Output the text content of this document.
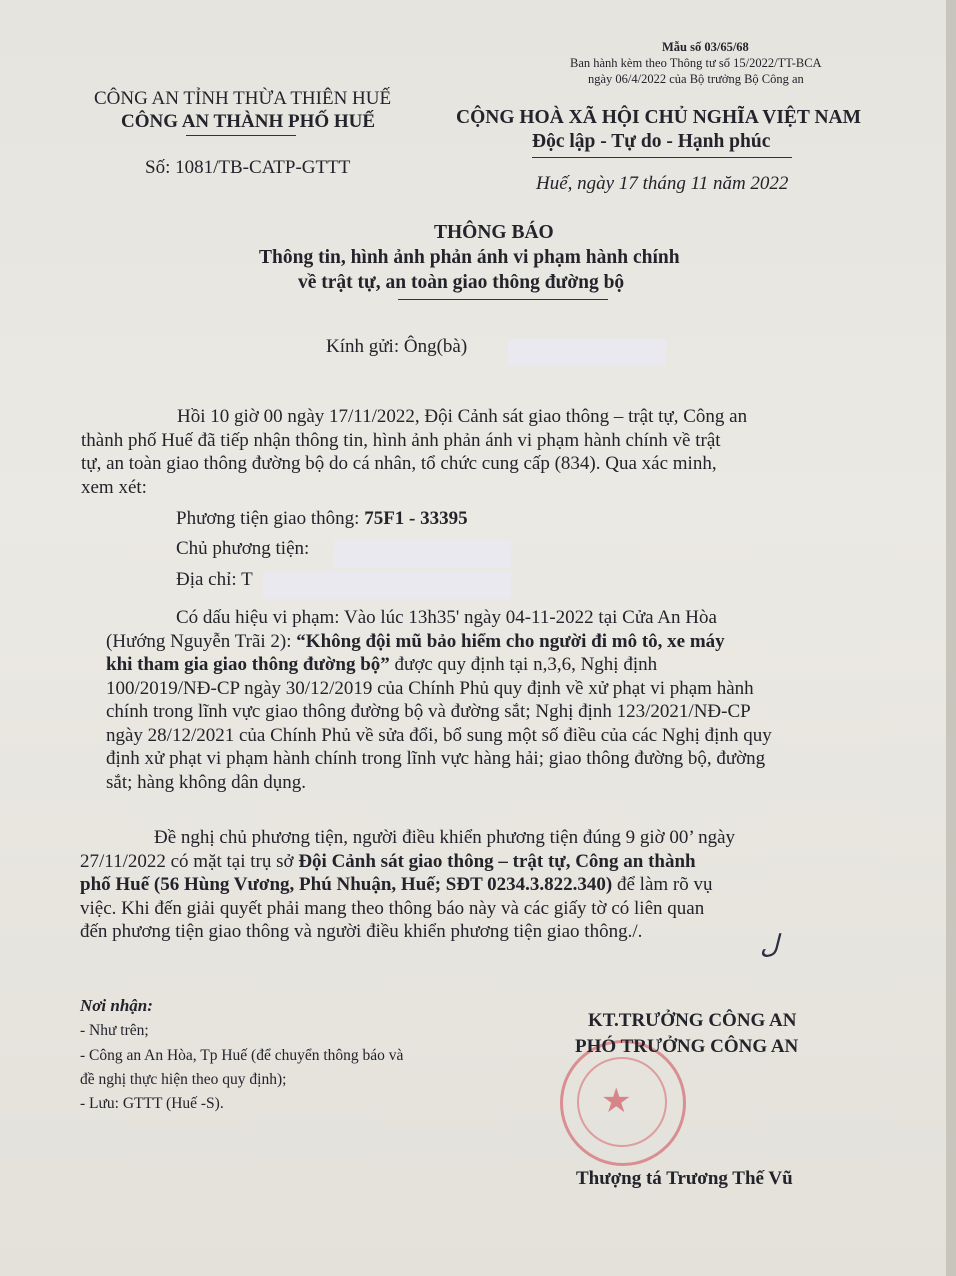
Mẫu số 03/65/68
Ban hành kèm theo Thông tư số 15/2022/TT-BCA
ngày 06/4/2022 của Bộ trưởng Bộ Công an
CÔNG AN TỈNH THỪA THIÊN HUẾ
CÔNG AN THÀNH PHỐ HUẾ
Số: 1081/TB-CATP-GTTT
CỘNG HOÀ XÃ HỘI CHỦ NGHĨA VIỆT NAM
Độc lập - Tự do - Hạnh phúc
Huế, ngày 17 tháng 11 năm 2022
THÔNG BÁO
Thông tin, hình ảnh phản ánh vi phạm hành chính
về trật tự, an toàn giao thông đường bộ
Kính gửi: Ông(bà)
Hồi 10 giờ 00 ngày 17/11/2022, Đội Cảnh sát giao thông – trật tự, Công an
thành phố Huế đã tiếp nhận thông tin, hình ảnh phản ánh vi phạm hành chính về trật
tự, an toàn giao thông đường bộ do cá nhân, tổ chức cung cấp (834). Qua xác minh,
xem xét:
Phương tiện giao thông: 75F1 - 33395
Chủ phương tiện:
Địa chỉ: T
Có dấu hiệu vi phạm: Vào lúc 13h35' ngày 04-11-2022 tại Cửa An Hòa
(Hướng Nguyễn Trãi 2): “Không đội mũ bảo hiểm cho người đi mô tô, xe máy
khi tham gia giao thông đường bộ” được quy định tại n,3,6, Nghị định
100/2019/NĐ-CP ngày 30/12/2019 của Chính Phủ quy định về xử phạt vi phạm hành
chính trong lĩnh vực giao thông đường bộ và đường sắt; Nghị định 123/2021/NĐ-CP
ngày 28/12/2021 của Chính Phủ về sửa đổi, bổ sung một số điều của các Nghị định quy
định xử phạt vi phạm hành chính trong lĩnh vực hàng hải; giao thông đường bộ, đường
sắt; hàng không dân dụng.
Đề nghị chủ phương tiện, người điều khiển phương tiện đúng 9 giờ 00’ ngày
27/11/2022 có mặt tại trụ sở Đội Cảnh sát giao thông – trật tự, Công an thành
phố Huế (56 Hùng Vương, Phú Nhuận, Huế; SĐT 0234.3.822.340) để làm rõ vụ
việc. Khi đến giải quyết phải mang theo thông báo này và các giấy tờ có liên quan
đến phương tiện giao thông và người điều khiển phương tiện giao thông./.	ل
Nơi nhận:
- Như trên;
- Công an An Hòa, Tp Huế (để chuyển thông báo và
đề nghị thực hiện theo quy định);
- Lưu: GTTT (Huế -S).	★
KT.TRƯỞNG CÔNG AN
PHÓ TRƯỞNG CÔNG AN
Thượng tá Trương Thế Vũ
